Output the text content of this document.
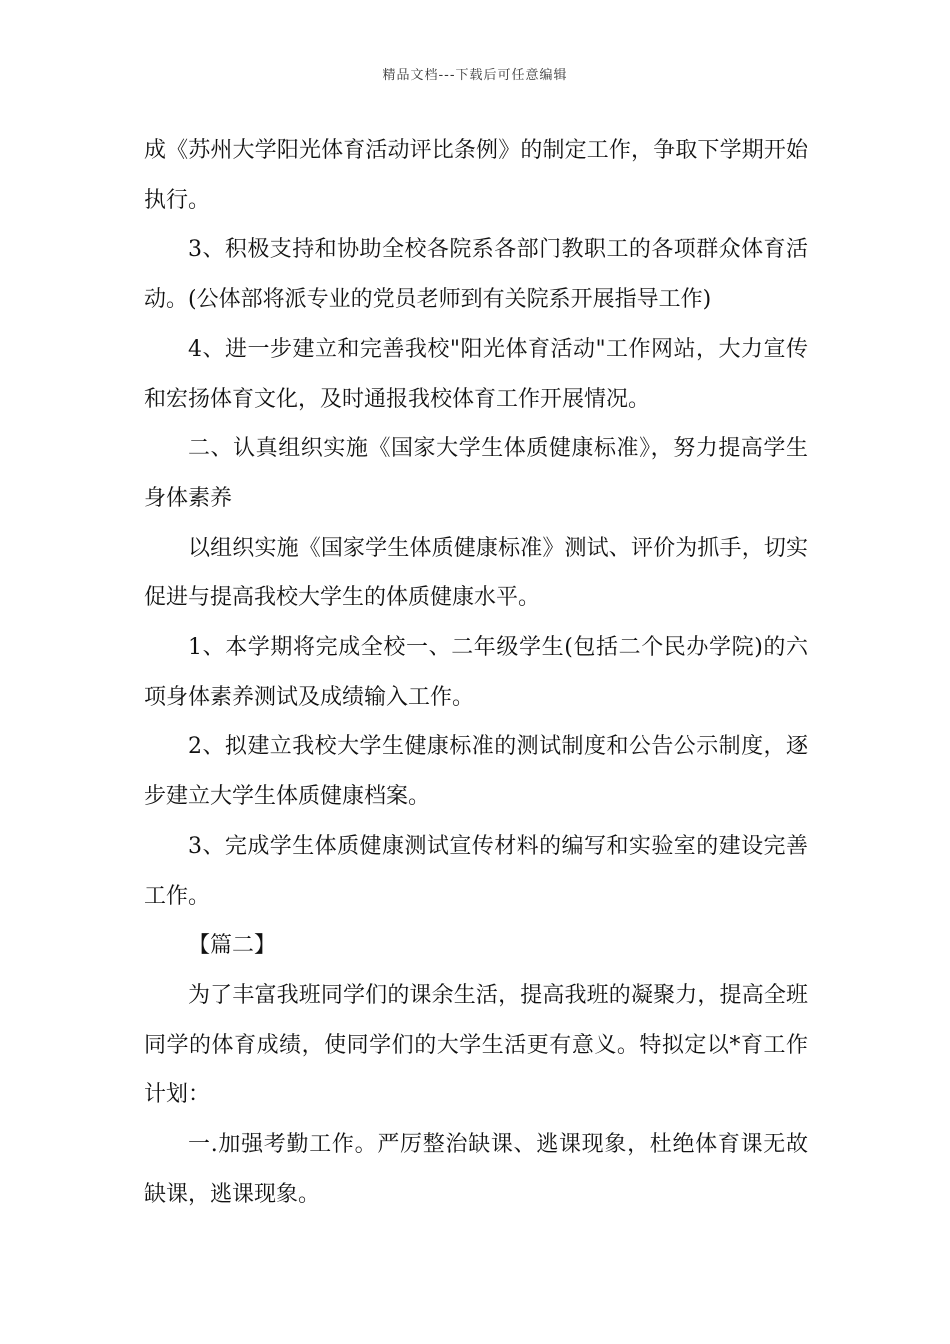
精品文档---下载后可任意编辑

成《苏州大学阳光体育活动评比条例》的制定工作，争取下学期开始执行。

3、积极支持和协助全校各院系各部门教职工的各项群众体育活动。(公体部将派专业的党员老师到有关院系开展指导工作)

4、进一步建立和完善我校"阳光体育活动"工作网站，大力宣传和宏扬体育文化，及时通报我校体育工作开展情况。

二、认真组织实施《国家大学生体质健康标准》，努力提高学生身体素养

以组织实施《国家学生体质健康标准》测试、评价为抓手，切实促进与提高我校大学生的体质健康水平。

1、本学期将完成全校一、二年级学生(包括二个民办学院)的六项身体素养测试及成绩输入工作。

2、拟建立我校大学生健康标准的测试制度和公告公示制度，逐步建立大学生体质健康档案。

3、完成学生体质健康测试宣传材料的编写和实验室的建设完善工作。

【篇二】

为了丰富我班同学们的课余生活，提高我班的凝聚力，提高全班同学的体育成绩，使同学们的大学生活更有意义。特拟定以*育工作计划：

一.加强考勤工作。严厉整治缺课、逃课现象，杜绝体育课无故缺课，逃课现象。
